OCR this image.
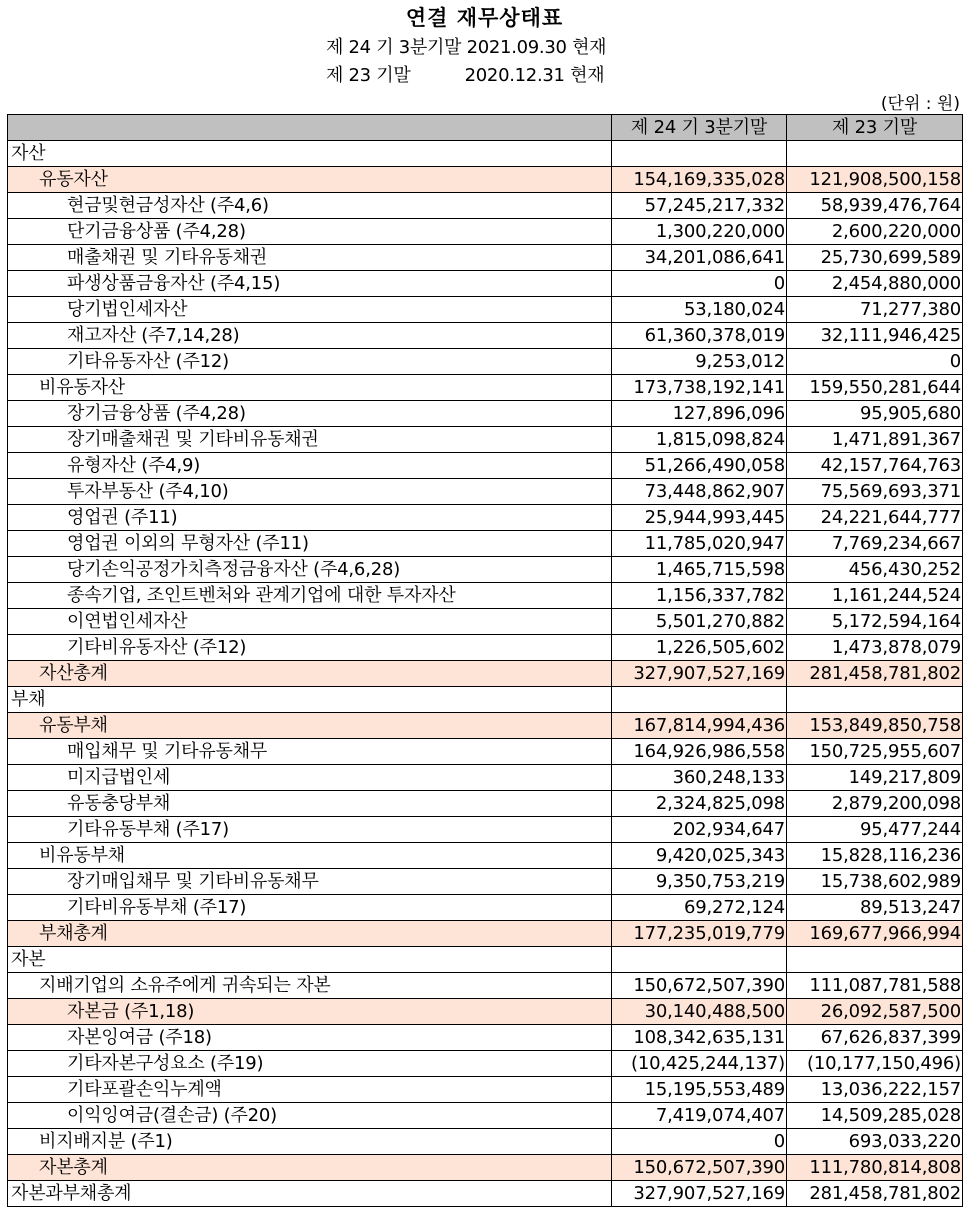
연결 재무상태표
제 24 기 3분기말 2021.09.30 현재
제 23 기말          2020.12.31 현재
(단위 : 원)
	제 24 기 3분기말	제 23 기말
자산		
유동자산	154,169,335,028	121,908,500,158
현금및현금성자산 (주4,6)	57,245,217,332	58,939,476,764
단기금융상품 (주4,28)	1,300,220,000	2,600,220,000
매출채권 및 기타유동채권	34,201,086,641	25,730,699,589
파생상품금융자산 (주4,15)	0	2,454,880,000
당기법인세자산	53,180,024	71,277,380
재고자산 (주7,14,28)	61,360,378,019	32,111,946,425
기타유동자산 (주12)	9,253,012	0
비유동자산	173,738,192,141	159,550,281,644
장기금융상품 (주4,28)	127,896,096	95,905,680
장기매출채권 및 기타비유동채권	1,815,098,824	1,471,891,367
유형자산 (주4,9)	51,266,490,058	42,157,764,763
투자부동산 (주4,10)	73,448,862,907	75,569,693,371
영업권 (주11)	25,944,993,445	24,221,644,777
영업권 이외의 무형자산 (주11)	11,785,020,947	7,769,234,667
당기손익공정가치측정금융자산 (주4,6,28)	1,465,715,598	456,430,252
종속기업, 조인트벤처와 관계기업에 대한 투자자산	1,156,337,782	1,161,244,524
이연법인세자산	5,501,270,882	5,172,594,164
기타비유동자산 (주12)	1,226,505,602	1,473,878,079
자산총계	327,907,527,169	281,458,781,802
부채		
유동부채	167,814,994,436	153,849,850,758
매입채무 및 기타유동채무	164,926,986,558	150,725,955,607
미지급법인세	360,248,133	149,217,809
유동충당부채	2,324,825,098	2,879,200,098
기타유동부채 (주17)	202,934,647	95,477,244
비유동부채	9,420,025,343	15,828,116,236
장기매입채무 및 기타비유동채무	9,350,753,219	15,738,602,989
기타비유동부채 (주17)	69,272,124	89,513,247
부채총계	177,235,019,779	169,677,966,994
자본		
지배기업의 소유주에게 귀속되는 자본	150,672,507,390	111,087,781,588
자본금 (주1,18)	30,140,488,500	26,092,587,500
자본잉여금 (주18)	108,342,635,131	67,626,837,399
기타자본구성요소 (주19)	(10,425,244,137)	(10,177,150,496)
기타포괄손익누계액	15,195,553,489	13,036,222,157
이익잉여금(결손금) (주20)	7,419,074,407	14,509,285,028
비지배지분 (주1)	0	693,033,220
자본총계	150,672,507,390	111,780,814,808
자본과부채총계	327,907,527,169	281,458,781,802
